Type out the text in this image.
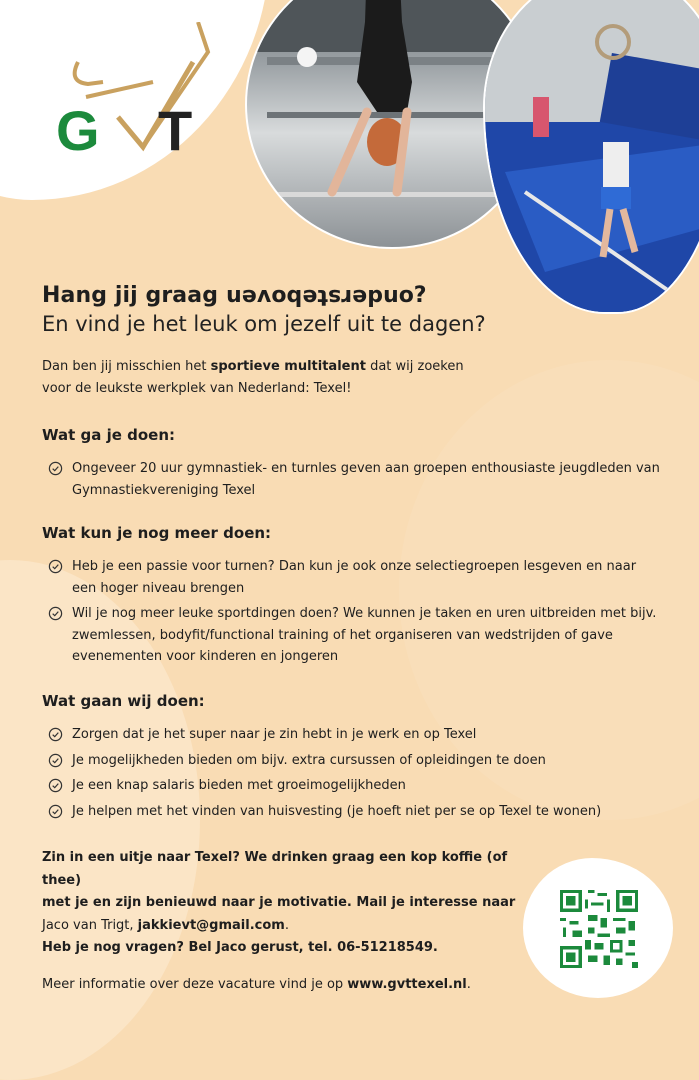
G T
Hang jij graag ondersteboven?
En vind je het leuk om jezelf uit te dagen?

Dan ben jij misschien het sportieve multitalent dat wij zoeken

voor de leukste werkplek van Nederland: Texel!

Wat ga je doen:
Ongeveer 20 uur gymnastiek- en turnles geven aan groepen enthousiaste jeugdleden van Gymnastiekvereniging Texel
Wat kun je nog meer doen:
Heb je een passie voor turnen? Dan kun je ook onze selectiegroepen lesgeven en naar een hoger niveau brengen
Wil je nog meer leuke sportdingen doen? We kunnen je taken en uren uitbreiden met bijv. zwemlessen, bodyfit/functional training of het organiseren van wedstrijden of gave evenementen voor kinderen en jongeren
Wat gaan wij doen:
Zorgen dat je het super naar je zin hebt in je werk en op Texel
Je mogelijkheden bieden om bijv. extra cursussen of opleidingen te doen
Je een knap salaris bieden met groeimogelijkheden
Je helpen met het vinden van huisvesting (je hoeft niet per se op Texel te wonen)

Zin in een uitje naar Texel? We drinken graag een kop koffie (of thee)

met je en zijn benieuwd naar je motivatie. Mail je interesse naar

Jaco van Trigt, jakkievt@gmail.com.

Heb je nog vragen? Bel Jaco gerust, tel. 06-51218549.

Meer informatie over deze vacature vind je op www.gvttexel.nl.
